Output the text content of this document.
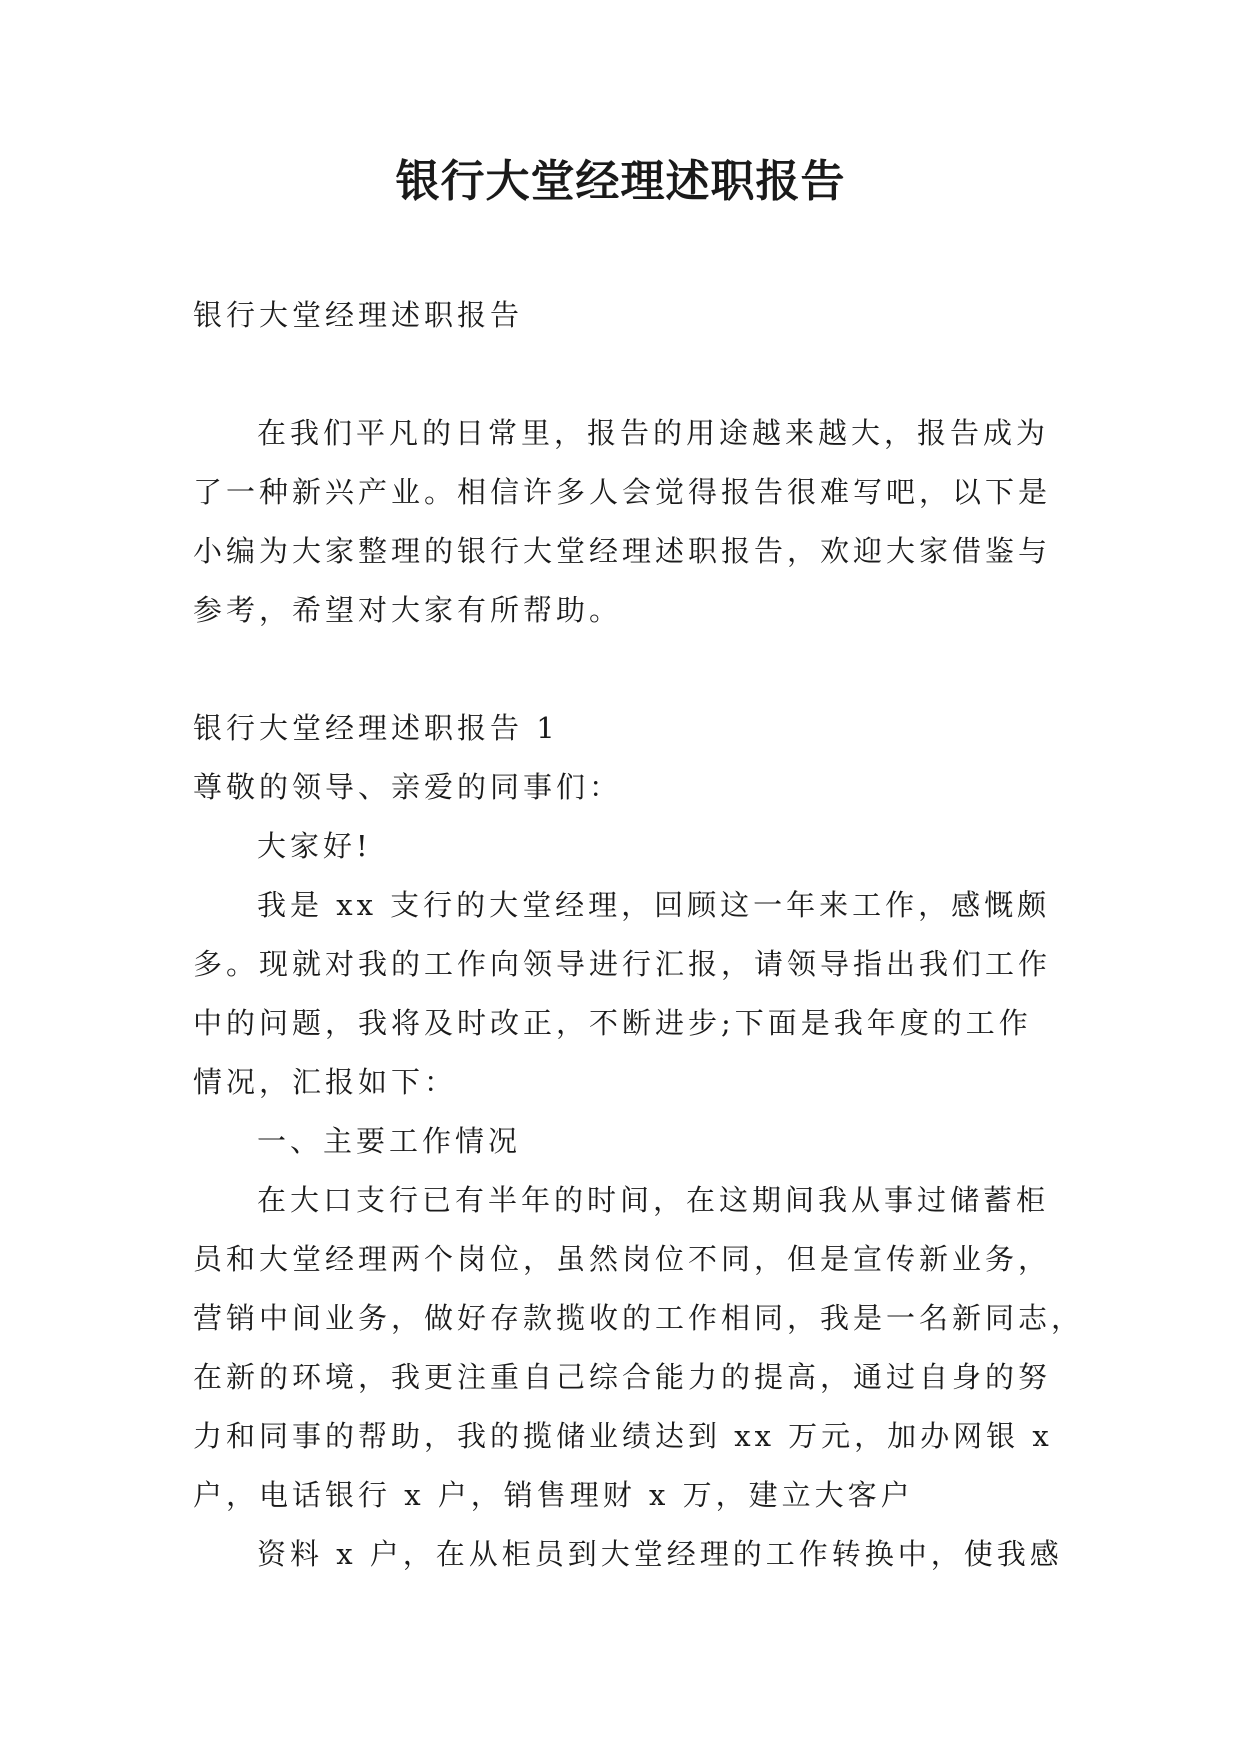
银行大堂经理述职报告
银行大堂经理述职报告
在我们平凡的日常里，报告的用途越来越大，报告成为
了一种新兴产业。相信许多人会觉得报告很难写吧，以下是
小编为大家整理的银行大堂经理述职报告，欢迎大家借鉴与
参考，希望对大家有所帮助。
银行大堂经理述职报告 1
尊敬的领导、亲爱的同事们：
大家好!
我是 xx 支行的大堂经理，回顾这一年来工作，感慨颇
多。现就对我的工作向领导进行汇报，请领导指出我们工作
中的问题，我将及时改正，不断进步;下面是我年度的工作
情况，汇报如下：
一、主要工作情况
在大口支行已有半年的时间，在这期间我从事过储蓄柜
员和大堂经理两个岗位，虽然岗位不同，但是宣传新业务，
营销中间业务，做好存款揽收的工作相同，我是一名新同志，
在新的环境，我更注重自己综合能力的提高，通过自身的努
力和同事的帮助，我的揽储业绩达到 xx 万元，加办网银 x
户，电话银行 x 户，销售理财 x 万，建立大客户
资料 x 户，在从柜员到大堂经理的工作转换中，使我感
